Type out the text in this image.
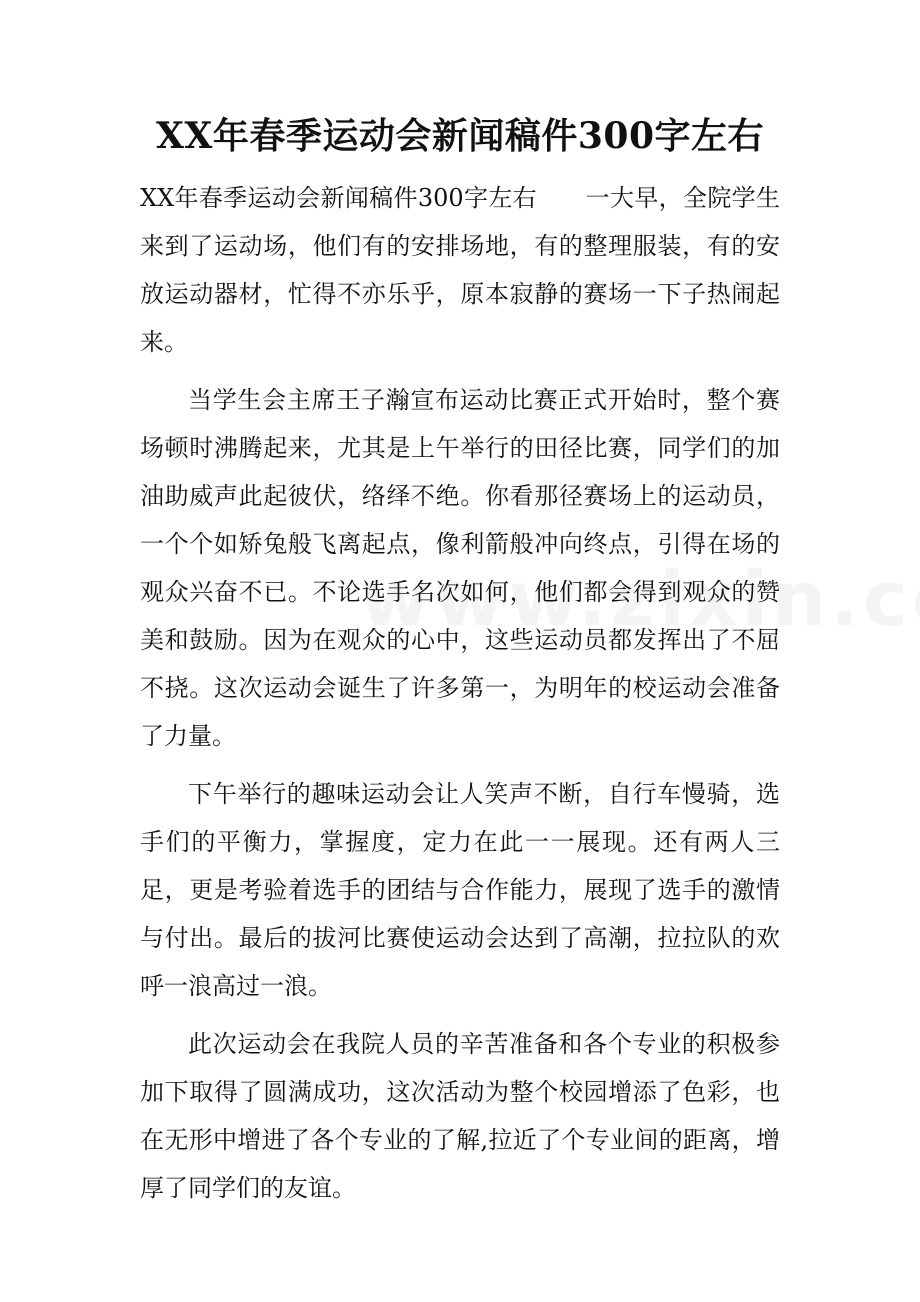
XX年春季运动会新闻稿件300字左右

XX年春季运动会新闻稿件300字左右　　一大早，全院学生来到了运动场，他们有的安排场地，有的整理服装，有的安放运动器材，忙得不亦乐乎，原本寂静的赛场一下子热闹起来。

当学生会主席王子瀚宣布运动比赛正式开始时，整个赛场顿时沸腾起来，尤其是上午举行的田径比赛，同学们的加油助威声此起彼伏，络绎不绝。你看那径赛场上的运动员，一个个如矫兔般飞离起点，像利箭般冲向终点，引得在场的观众兴奋不已。不论选手名次如何，他们都会得到观众的赞美和鼓励。因为在观众的心中，这些运动员都发挥出了不屈不挠。这次运动会诞生了许多第一，为明年的校运动会准备了力量。

下午举行的趣味运动会让人笑声不断，自行车慢骑，选手们的平衡力，掌握度，定力在此一一展现。还有两人三足，更是考验着选手的团结与合作能力，展现了选手的激情与付出。最后的拔河比赛使运动会达到了高潮，拉拉队的欢呼一浪高过一浪。

此次运动会在我院人员的辛苦准备和各个专业的积极参加下取得了圆满成功，这次活动为整个校园增添了色彩，也在无形中增进了各个专业的了解,拉近了个专业间的距离，增厚了同学们的友谊。
